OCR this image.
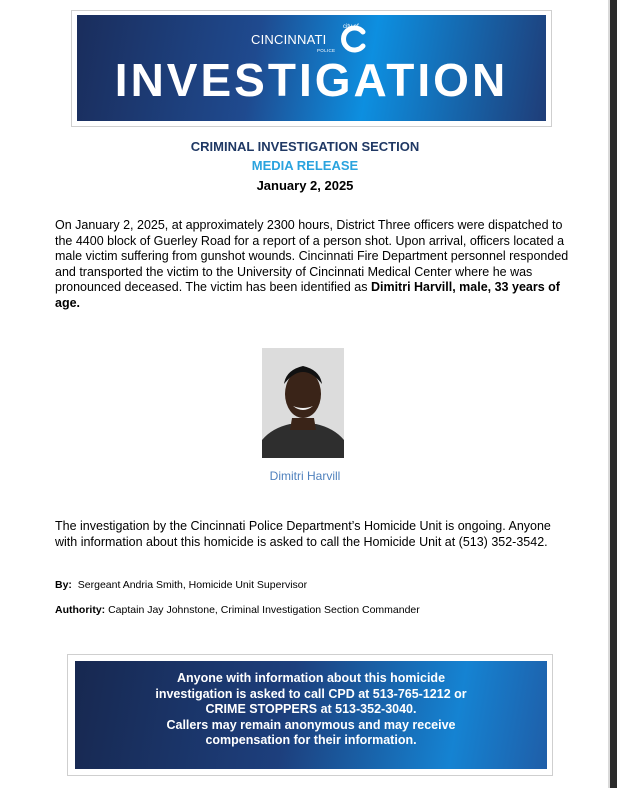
city of
CINCINNATI
POLICE
INVESTIGATION
CRIMINAL INVESTIGATION SECTION
MEDIA RELEASE
January 2, 2025
On January 2, 2025, at approximately 2300 hours, District Three officers were dispatched to the 4400 block of Guerley Road for a report of a person shot. Upon arrival, officers located a male victim suffering from gunshot wounds. Cincinnati Fire Department personnel responded and transported the victim to the University of Cincinnati Medical Center where he was pronounced deceased. The victim has been identified as Dimitri Harvill, male, 33 years of age.
Dimitri Harvill
The investigation by the Cincinnati Police Department’s Homicide Unit is ongoing. Anyone with information about this homicide is asked to call the Homicide Unit at (513) 352-3542.
By: Sergeant Andria Smith, Homicide Unit Supervisor
Authority: Captain Jay Johnstone, Criminal Investigation Section Commander
Anyone with information about this homicide
investigation is asked to call CPD at 513-765-1212 or
CRIME STOPPERS at 513-352-3040.
Callers may remain anonymous and may receive
compensation for their information.
